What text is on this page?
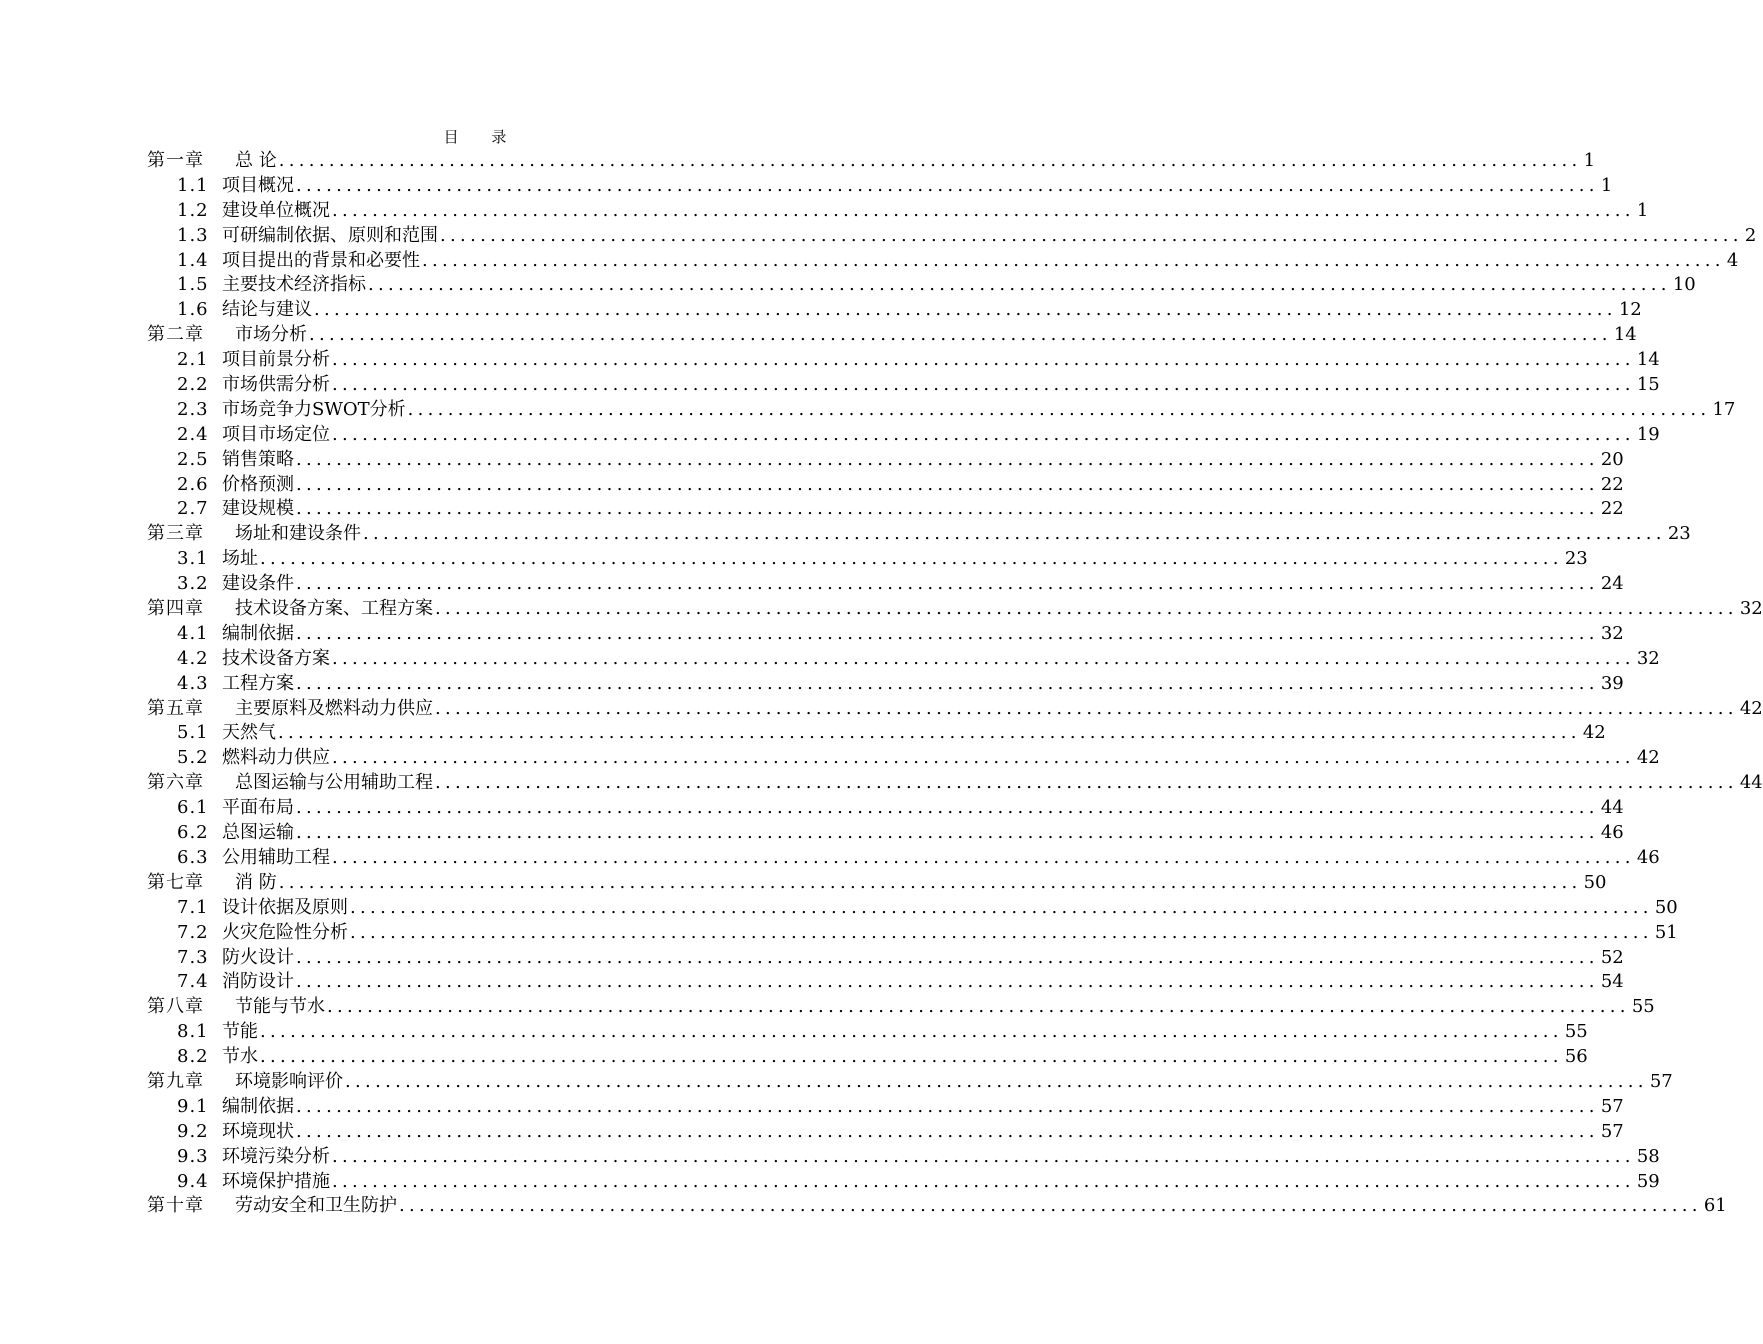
目 录
第一章	总 论 .................................................................................................................................. 1
1.1 项目概况 .................................................................................................................................. 1
1.2 建设单位概况 .................................................................................................................................. 1
1.3 可研编制依据、原则和范围 .................................................................................................................................. 2
1.4 项目提出的背景和必要性 .................................................................................................................................. 4
1.5 主要技术经济指标 .................................................................................................................................. 10
1.6 结论与建议 .................................................................................................................................. 12
第二章	市场分析 .................................................................................................................................. 14
2.1 项目前景分析 .................................................................................................................................. 14
2.2 市场供需分析 .................................................................................................................................. 15
2.3 市场竞争力SWOT分析 .................................................................................................................................. 17
2.4 项目市场定位 .................................................................................................................................. 19
2.5 销售策略 .................................................................................................................................. 20
2.6 价格预测 .................................................................................................................................. 22
2.7 建设规模 .................................................................................................................................. 22
第三章	场址和建设条件 .................................................................................................................................. 23
3.1 场址 .................................................................................................................................. 23
3.2 建设条件 .................................................................................................................................. 24
第四章	技术设备方案、工程方案 .................................................................................................................................. 32
4.1 编制依据 .................................................................................................................................. 32
4.2 技术设备方案 .................................................................................................................................. 32
4.3 工程方案 .................................................................................................................................. 39
第五章	主要原料及燃料动力供应 .................................................................................................................................. 42
5.1 天然气 .................................................................................................................................. 42
5.2 燃料动力供应 .................................................................................................................................. 42
第六章	总图运输与公用辅助工程 .................................................................................................................................. 44
6.1 平面布局 .................................................................................................................................. 44
6.2 总图运输 .................................................................................................................................. 46
6.3 公用辅助工程 .................................................................................................................................. 46
第七章	消 防 .................................................................................................................................. 50
7.1 设计依据及原则 .................................................................................................................................. 50
7.2 火灾危险性分析 .................................................................................................................................. 51
7.3 防火设计 .................................................................................................................................. 52
7.4 消防设计 .................................................................................................................................. 54
第八章	节能与节水 .................................................................................................................................. 55
8.1 节能 .................................................................................................................................. 55
8.2 节水 .................................................................................................................................. 56
第九章	环境影响评价 .................................................................................................................................. 57
9.1 编制依据 .................................................................................................................................. 57
9.2 环境现状 .................................................................................................................................. 57
9.3 环境污染分析 .................................................................................................................................. 58
9.4 环境保护措施 .................................................................................................................................. 59
第十章	劳动安全和卫生防护 .................................................................................................................................. 61
